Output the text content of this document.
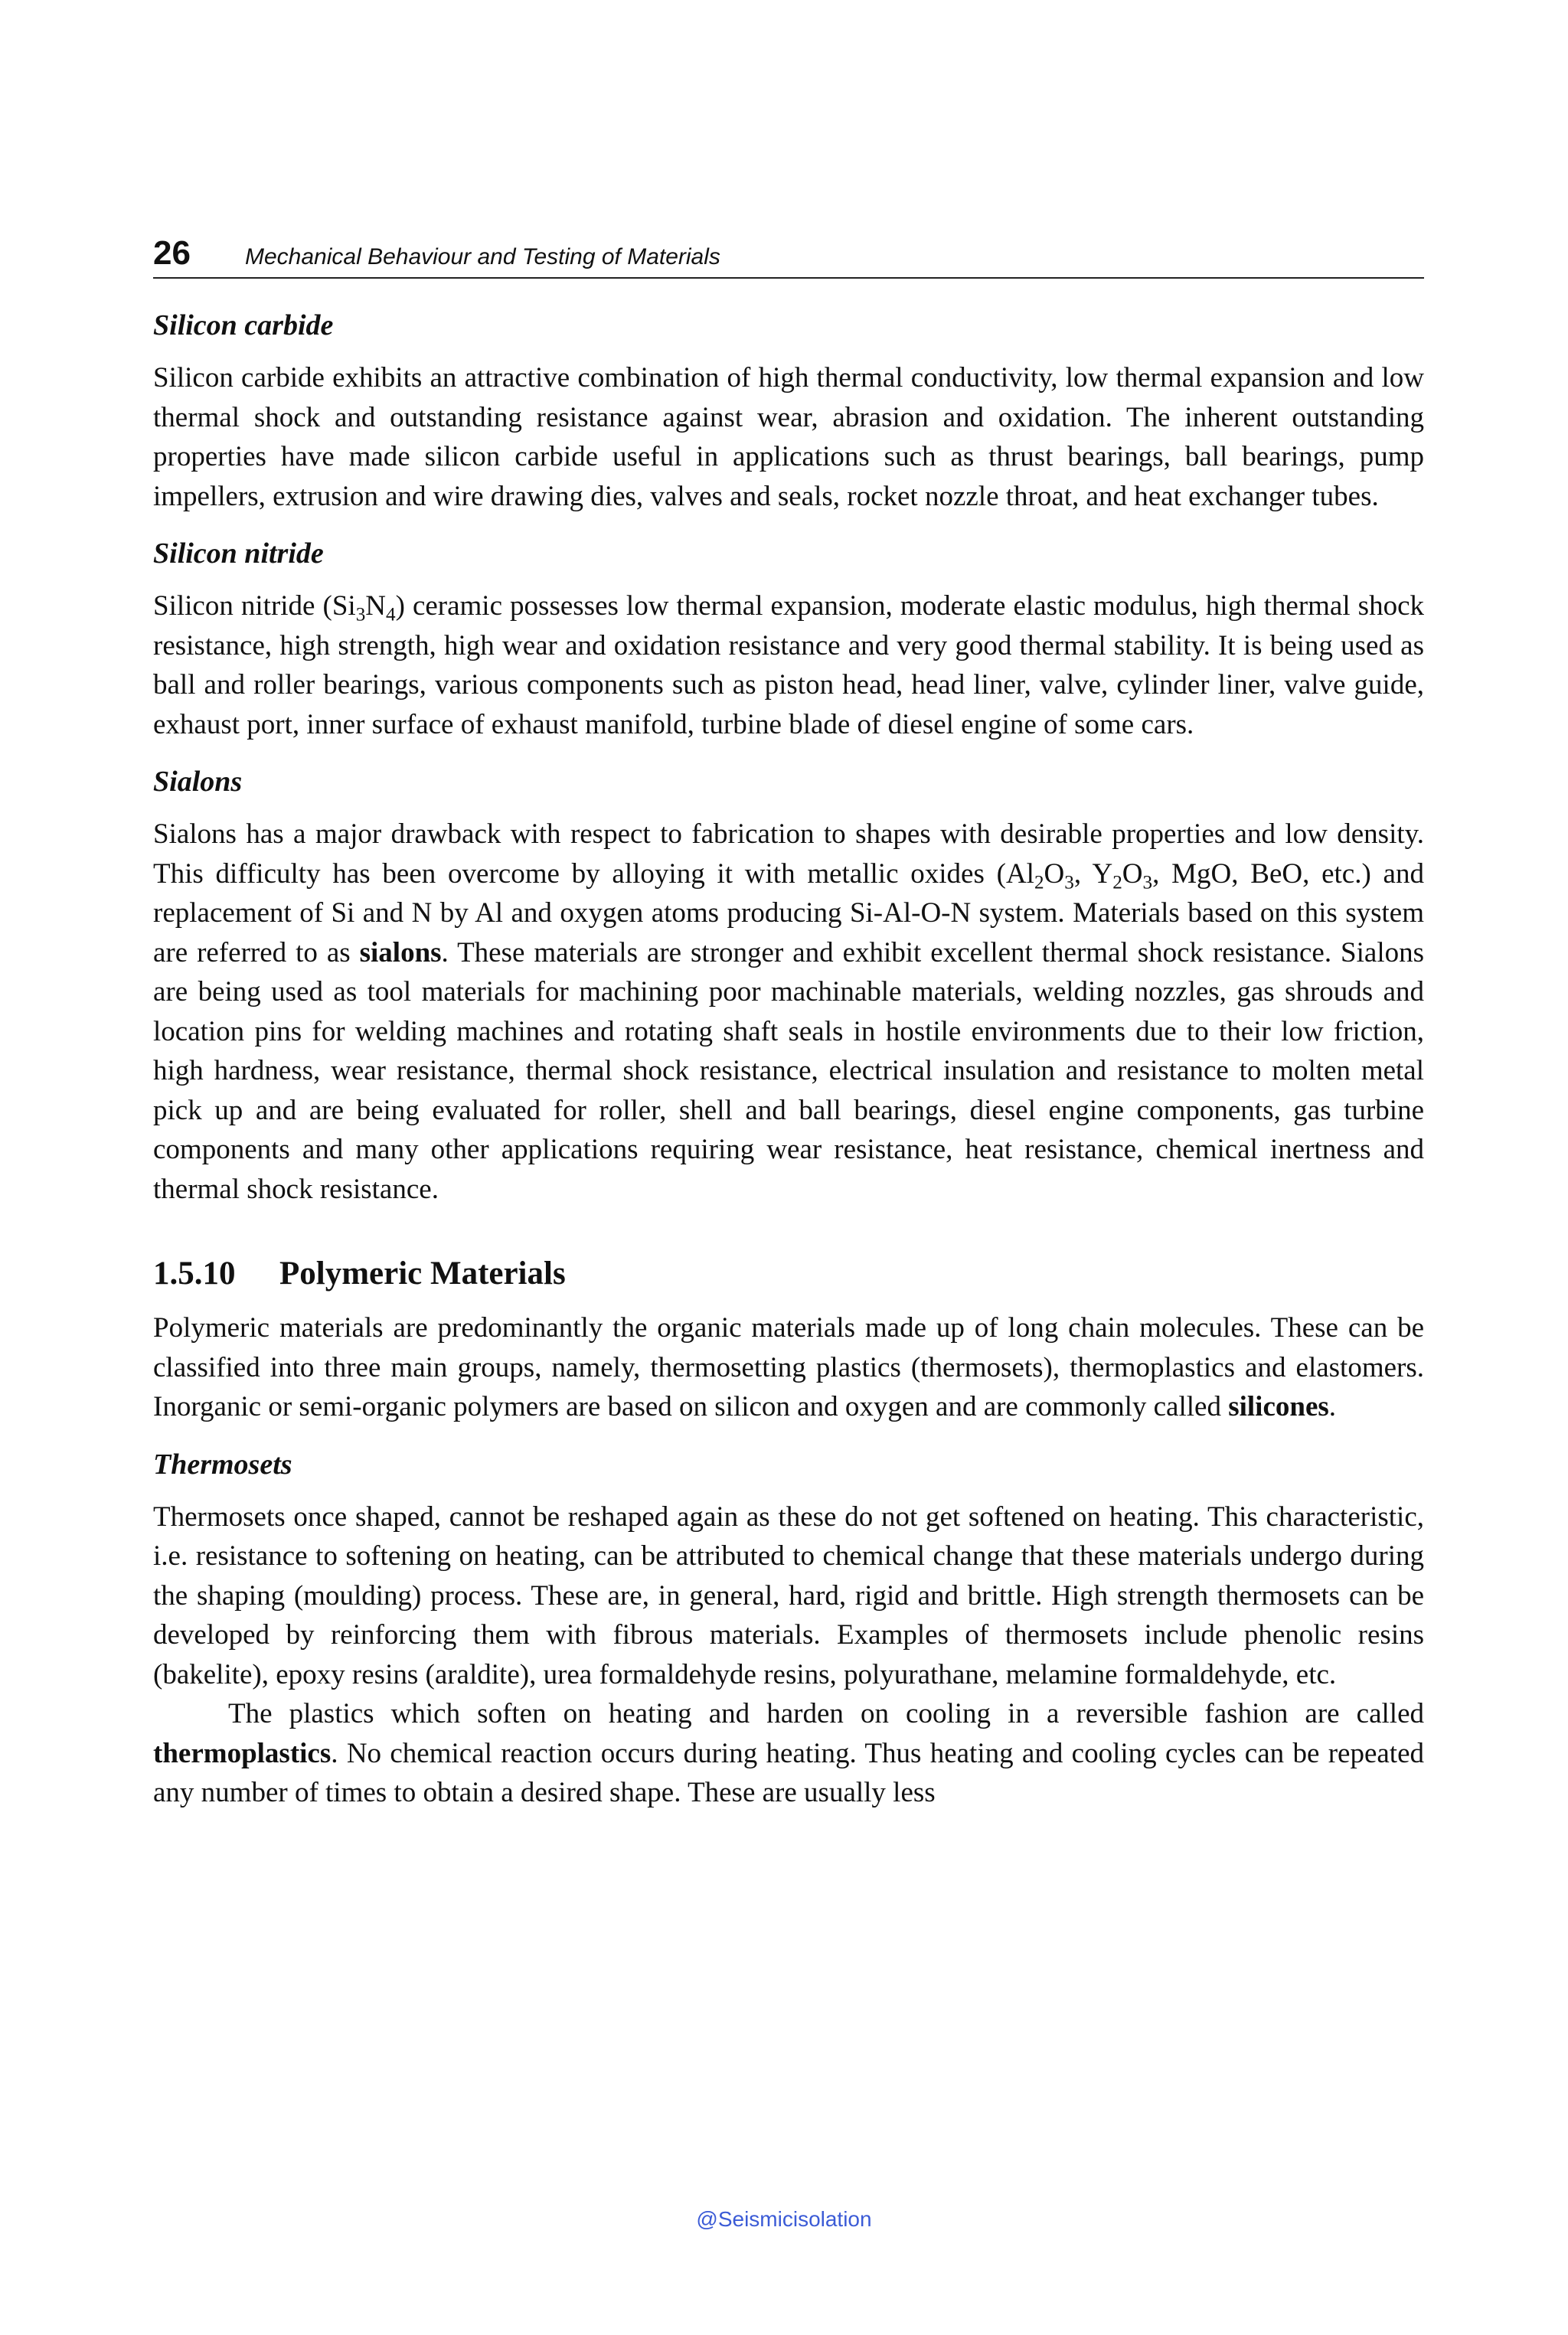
26 Mechanical Behaviour and Testing of Materials
Silicon carbide

Silicon carbide exhibits an attractive combination of high thermal conductivity, low thermal expansion and low thermal shock and outstanding resistance against wear, abrasion and oxidation. The inherent outstanding properties have made silicon carbide useful in applications such as thrust bearings, ball bearings, pump impellers, extrusion and wire drawing dies, valves and seals, rocket nozzle throat, and heat exchanger tubes.

Silicon nitride

Silicon nitride $(Si_3N_4)$ ceramic possesses low thermal expansion, moderate elastic modulus, high thermal shock resistance, high strength, high wear and oxidation resistance and very good thermal stability. It is being used as ball and roller bearings, various components such as piston head, head liner, valve, cylinder liner, valve guide, exhaust port, inner surface of exhaust manifold, turbine blade of diesel engine of some cars.

Sialons

Sialons has a major drawback with respect to fabrication to shapes with desirable properties and low density. This difficulty has been overcome by alloying it with metallic oxides ($Al_2O_3$, $Y_2O_3$, MgO, BeO, etc.) and replacement of Si and N by Al and oxygen atoms producing Si-Al-O-N system. Materials based on this system are referred to as sialons. These materials are stronger and exhibit excellent thermal shock resistance. Sialons are being used as tool materials for machining poor machinable materials, welding nozzles, gas shrouds and location pins for welding machines and rotating shaft seals in hostile environments due to their low friction, high hardness, wear resistance, thermal shock resistance, electrical insulation and resistance to molten metal pick up and are being evaluated for roller, shell and ball bearings, diesel engine components, gas turbine components and many other applications requiring wear resistance, heat resistance, chemical inertness and thermal shock resistance.

1.5.10 Polymeric Materials

Polymeric materials are predominantly the organic materials made up of long chain molecules. These can be classified into three main groups, namely, thermosetting plastics (thermosets), thermoplastics and elastomers. Inorganic or semi-organic polymers are based on silicon and oxygen and are commonly called silicones.

Thermosets

Thermosets once shaped, cannot be reshaped again as these do not get softened on heating. This characteristic, i.e. resistance to softening on heating, can be attributed to chemical change that these materials undergo during the shaping (moulding) process. These are, in general, hard, rigid and brittle. High strength thermosets can be developed by reinforcing them with fibrous materials. Examples of thermosets include phenolic resins (bakelite), epoxy resins (araldite), urea formaldehyde resins, polyurathane, melamine formaldehyde, etc.

The plastics which soften on heating and harden on cooling in a reversible fashion are called thermoplastics. No chemical reaction occurs during heating. Thus heating and cooling cycles can be repeated any number of times to obtain a desired shape. These are usually less

@Seismicisolation
